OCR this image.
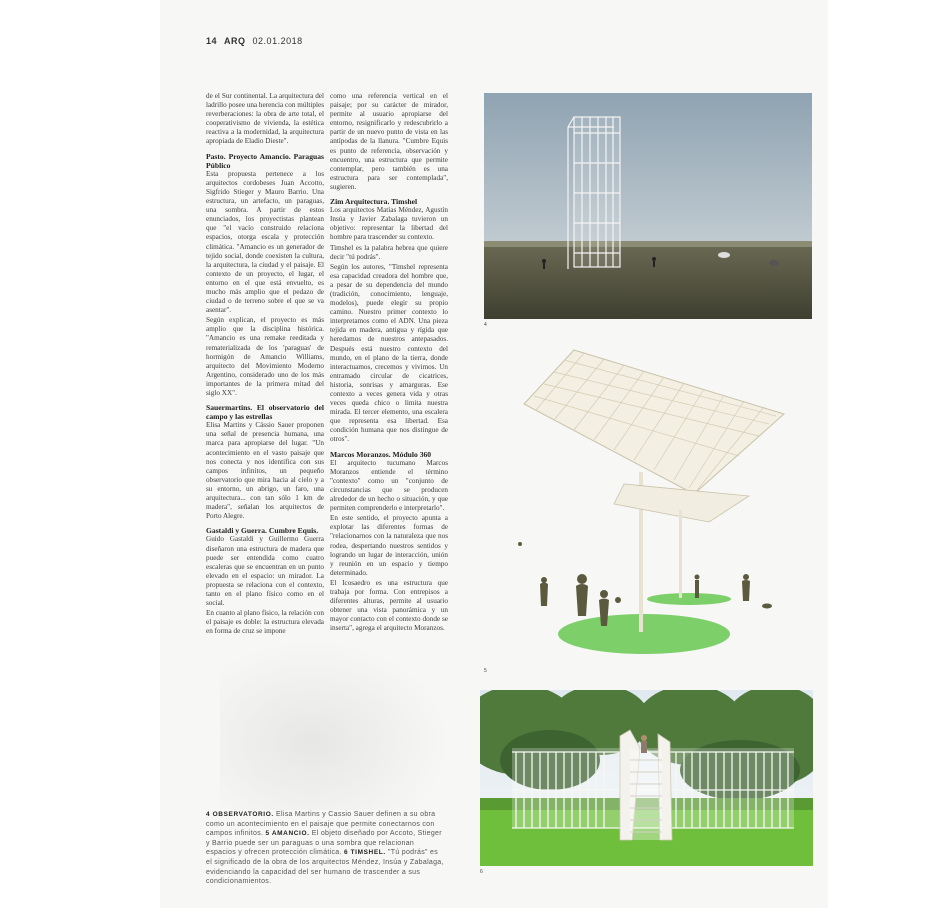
14 ARQ 02.01.2018

de el Sur continental. La arquitectura del ladrillo posee una herencia con múltiples reverberaciones: la obra de arte total, el cooperativismo de vivienda, la estética reactiva a la modernidad, la arquitectura apropiada de Eladio Dieste".

Pasto. Proyecto Amancio. Paraguas Público

Esta propuesta pertenece a los arquitectos cordobeses Juan Accotto, Sigfrido Stieger y Mauro Barrio. Una estructura, un artefacto, un paraguas, una sombra. A partir de estos enunciados, los proyectistas plantean que "el vacío construido relaciona espacios, otorga escala y protección climática. "Amancio es un generador de tejido social, donde coexisten la cultura, la arquitectura, la ciudad y el paisaje. El contexto de un proyecto, el lugar, el entorno en el que está envuelto, es mucho más amplio que el pedazo de ciudad o de terreno sobre el que se va asentar".

Según explican, el proyecto es más amplio que la disciplina histórica. "Amancio es una remake reeditada y rematerializada de los 'paraguas' de hormigón de Amancio Williams, arquitecto del Movimiento Moderno Argentino, considerado uno de los más importantes de la primera mitad del siglo XX".

Sauermartins. El observatorio del campo y las estrellas

Elisa Martins y Cássio Sauer proponen una señal de presencia humana, una marca para apropiarse del lugar. "Un acontecimiento en el vasto paisaje que nos conecta y nos identifica con sus campos infinitos, un pequeño observatorio que mira hacia al cielo y a su entorno, un abrigo, un faro, una arquitectura... con tan sólo 1 km de madera", señalan los arquitectos de Porto Alegre.

Gastaldi y Guerra. Cumbre Equis.

Guido Gastaldi y Guillermo Guerra diseñaron una estructura de madera que puede ser entendida como cuatro escaleras que se encuentran en un punto elevado en el espacio: un mirador. La propuesta se relaciona con el contexto, tanto en el plano físico como en el social.

En cuanto al plano físico, la relación con el paisaje es doble: la estructura elevada en forma de cruz se impone

como una referencia vertical en el paisaje; por su carácter de mirador, permite al usuario apropiarse del entorno, resignificarlo y redescubrirlo a partir de un nuevo punto de vista en las antípodas de la llanura. "Cumbre Equis es punto de referencia, observación y encuentro, una estructura que permite contemplar, pero también es una estructura para ser contemplada", sugieren.

Zim Arquitectura. Timshel

Los arquitectos Matías Méndez, Agustín Insúa y Javier Zabalaga tuvieron un objetivo: representar la libertad del hombre para trascender su contexto.

Timshel es la palabra hebrea que quiere decir "tú podrás".

Según los autores, "Timshel representa esa capacidad creadora del hombre que, a pesar de su dependencia del mundo (tradición, conocimiento, lenguaje, modelos), puede elegir su propio camino. Nuestro primer contexto lo interpretamos como el ADN. Una pieza tejida en madera, antigua y rígida que heredamos de nuestros antepasados. Después está nuestro contexto del mundo, en el plano de la tierra, donde interactuamos, crecemos y vivimos. Un entramado circular de cicatrices, historia, sonrisas y amarguras. Ese contexto a veces genera vida y otras veces queda chico o limita nuestra mirada. El tercer elemento, una escalera que representa esa libertad. Esa condición humana que nos distingue de otros".

Marcos Moranzos. Módulo 360

El arquitecto tucumano Marcos Moranzos entiende el término "contexto" como un "conjunto de circunstancias que se producen alrededor de un hecho o situación, y que permiten comprenderlo e interpretarlo".

En este sentido, el proyecto apunta a explotar las diferentes formas de "relacionarnos con la naturaleza que nos rodea, despertando nuestros sentidos y logrando un lugar de interacción, unión y reunión en un espacio y tiempo determinado.

El Icosaedro es una estructura que trabaja por forma. Con entrepisos a diferentes alturas, permite al usuario obtener una vista panorámica y un mayor contacto con el contexto donde se inserta", agrega el arquitecto Moranzos.

4
5
6
4 OBSERVATORIO. Elisa Martins y Cassio Sauer definen a su obra como un acontecimiento en el paisaje que permite conectarnos con campos infinitos. 5 AMANCIO. El objeto diseñado por Accoto, Stieger y Barrio puede ser un paraguas o una sombra que relacionan espacios y ofrecen protección climática. 6 TIMSHEL. "Tú podrás" es el significado de la obra de los arquitectos Méndez, Insúa y Zabalaga, evidenciando la capacidad del ser humano de trascender a sus condicionamientos.
